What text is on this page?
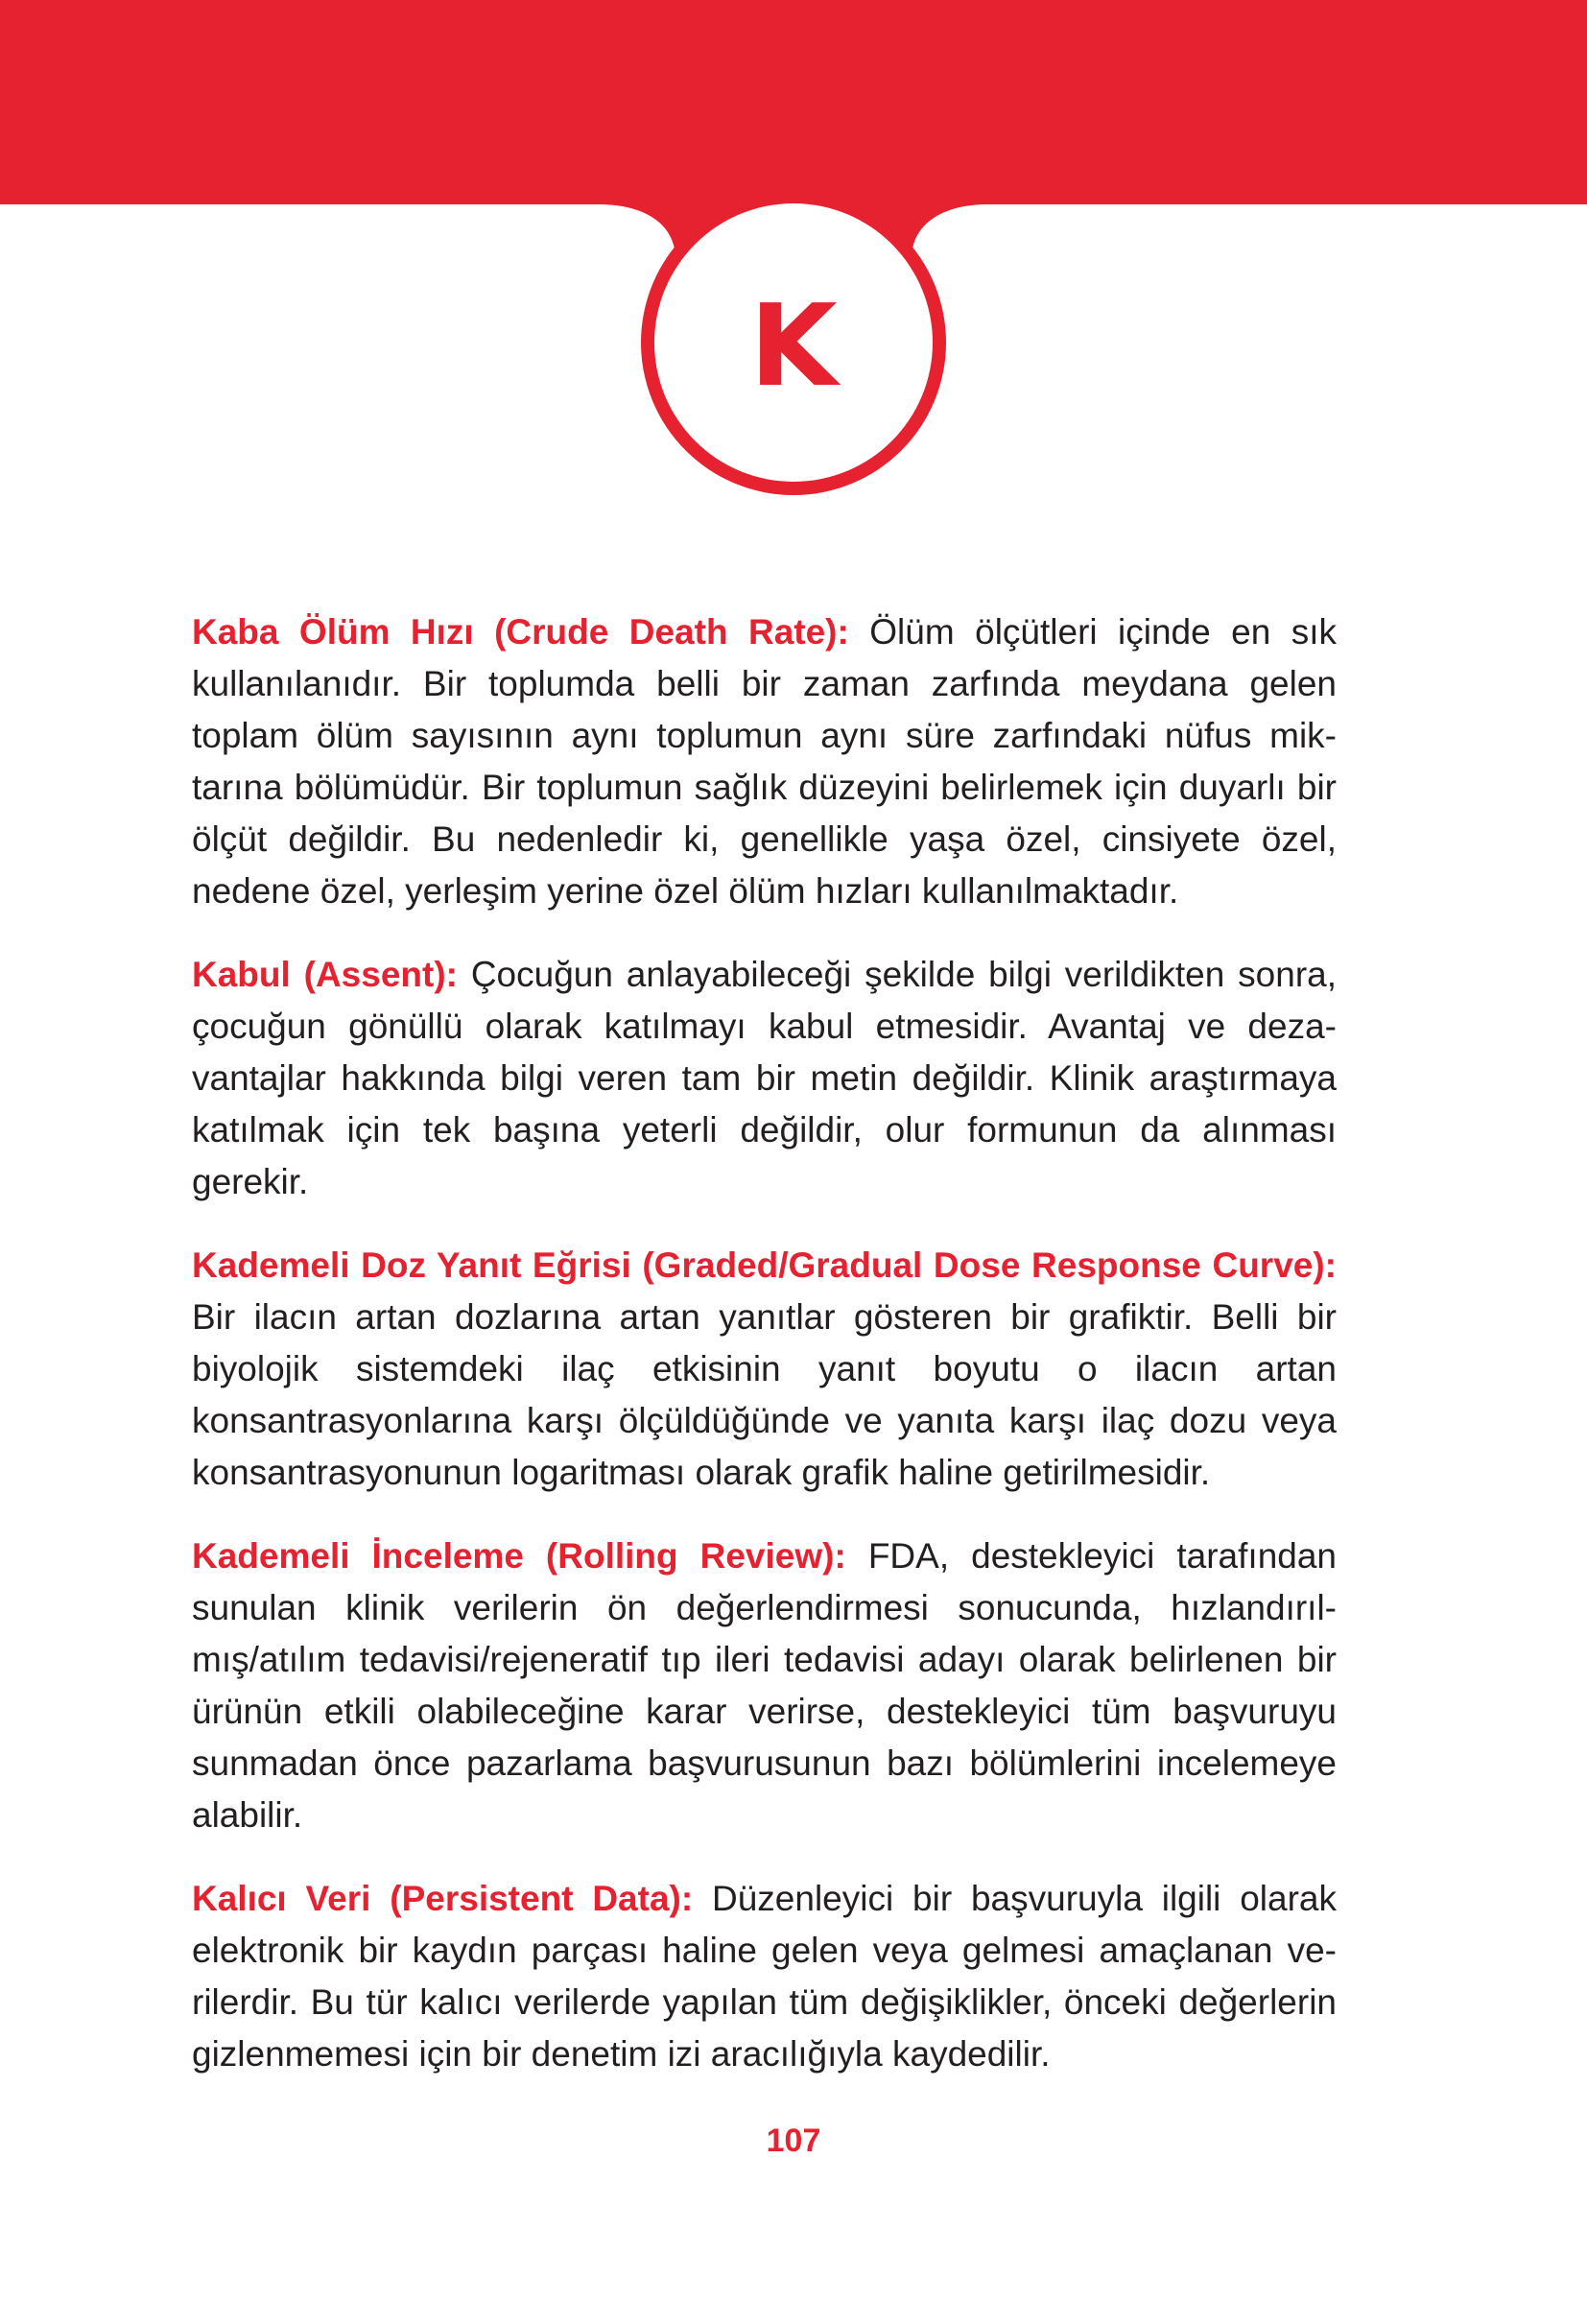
K

Kaba Ölüm Hızı (Crude Death Rate): Ölüm ölçütleri içinde en sık kullanılanıdır. Bir toplumda belli bir zaman zarfında meydana gelen toplam ölüm sayısının aynı toplumun aynı süre zarfındaki nüfus miktarına bölümüdür. Bir toplumun sağlık düzeyini belirlemek için duyarlı bir ölçüt değildir. Bu nedenledir ki, genellikle yaşa özel, cinsiyete özel, nedene özel, yerleşim yerine özel ölüm hızları kullanılmaktadır.

Kabul (Assent): Çocuğun anlayabileceği şekilde bilgi verildikten sonra, çocuğun gönüllü olarak katılmayı kabul etmesidir. Avantaj ve dezavantajlar hakkında bilgi veren tam bir metin değildir. Klinik araştırmaya katılmak için tek başına yeterli değildir, olur formunun da alınması gerekir.

Kademeli Doz Yanıt Eğrisi (Graded/Gradual Dose Response Curve): Bir ilacın artan dozlarına artan yanıtlar gösteren bir grafiktir. Belli bir biyolojik sistemdeki ilaç etkisinin yanıt boyutu o ilacın artan konsantrasyonlarına karşı ölçüldüğünde ve yanıta karşı ilaç dozu veya konsantrasyonunun logaritması olarak grafik haline getirilmesidir.

Kademeli İnceleme (Rolling Review): FDA, destekleyici tarafından sunulan klinik verilerin ön değerlendirmesi sonucunda, hızlandırılmış/atılım tedavisi/rejeneratif tıp ileri tedavisi adayı olarak belirlenen bir ürünün etkili olabileceğine karar verirse, destekleyici tüm başvuruyu sunmadan önce pazarlama başvurusunun bazı bölümlerini incelemeye alabilir.

Kalıcı Veri (Persistent Data): Düzenleyici bir başvuruyla ilgili olarak elektronik bir kaydın parçası haline gelen veya gelmesi amaçlanan verilerdir. Bu tür kalıcı verilerde yapılan tüm değişiklikler, önceki değerlerin gizlenmemesi için bir denetim izi aracılığıyla kaydedilir.

107
